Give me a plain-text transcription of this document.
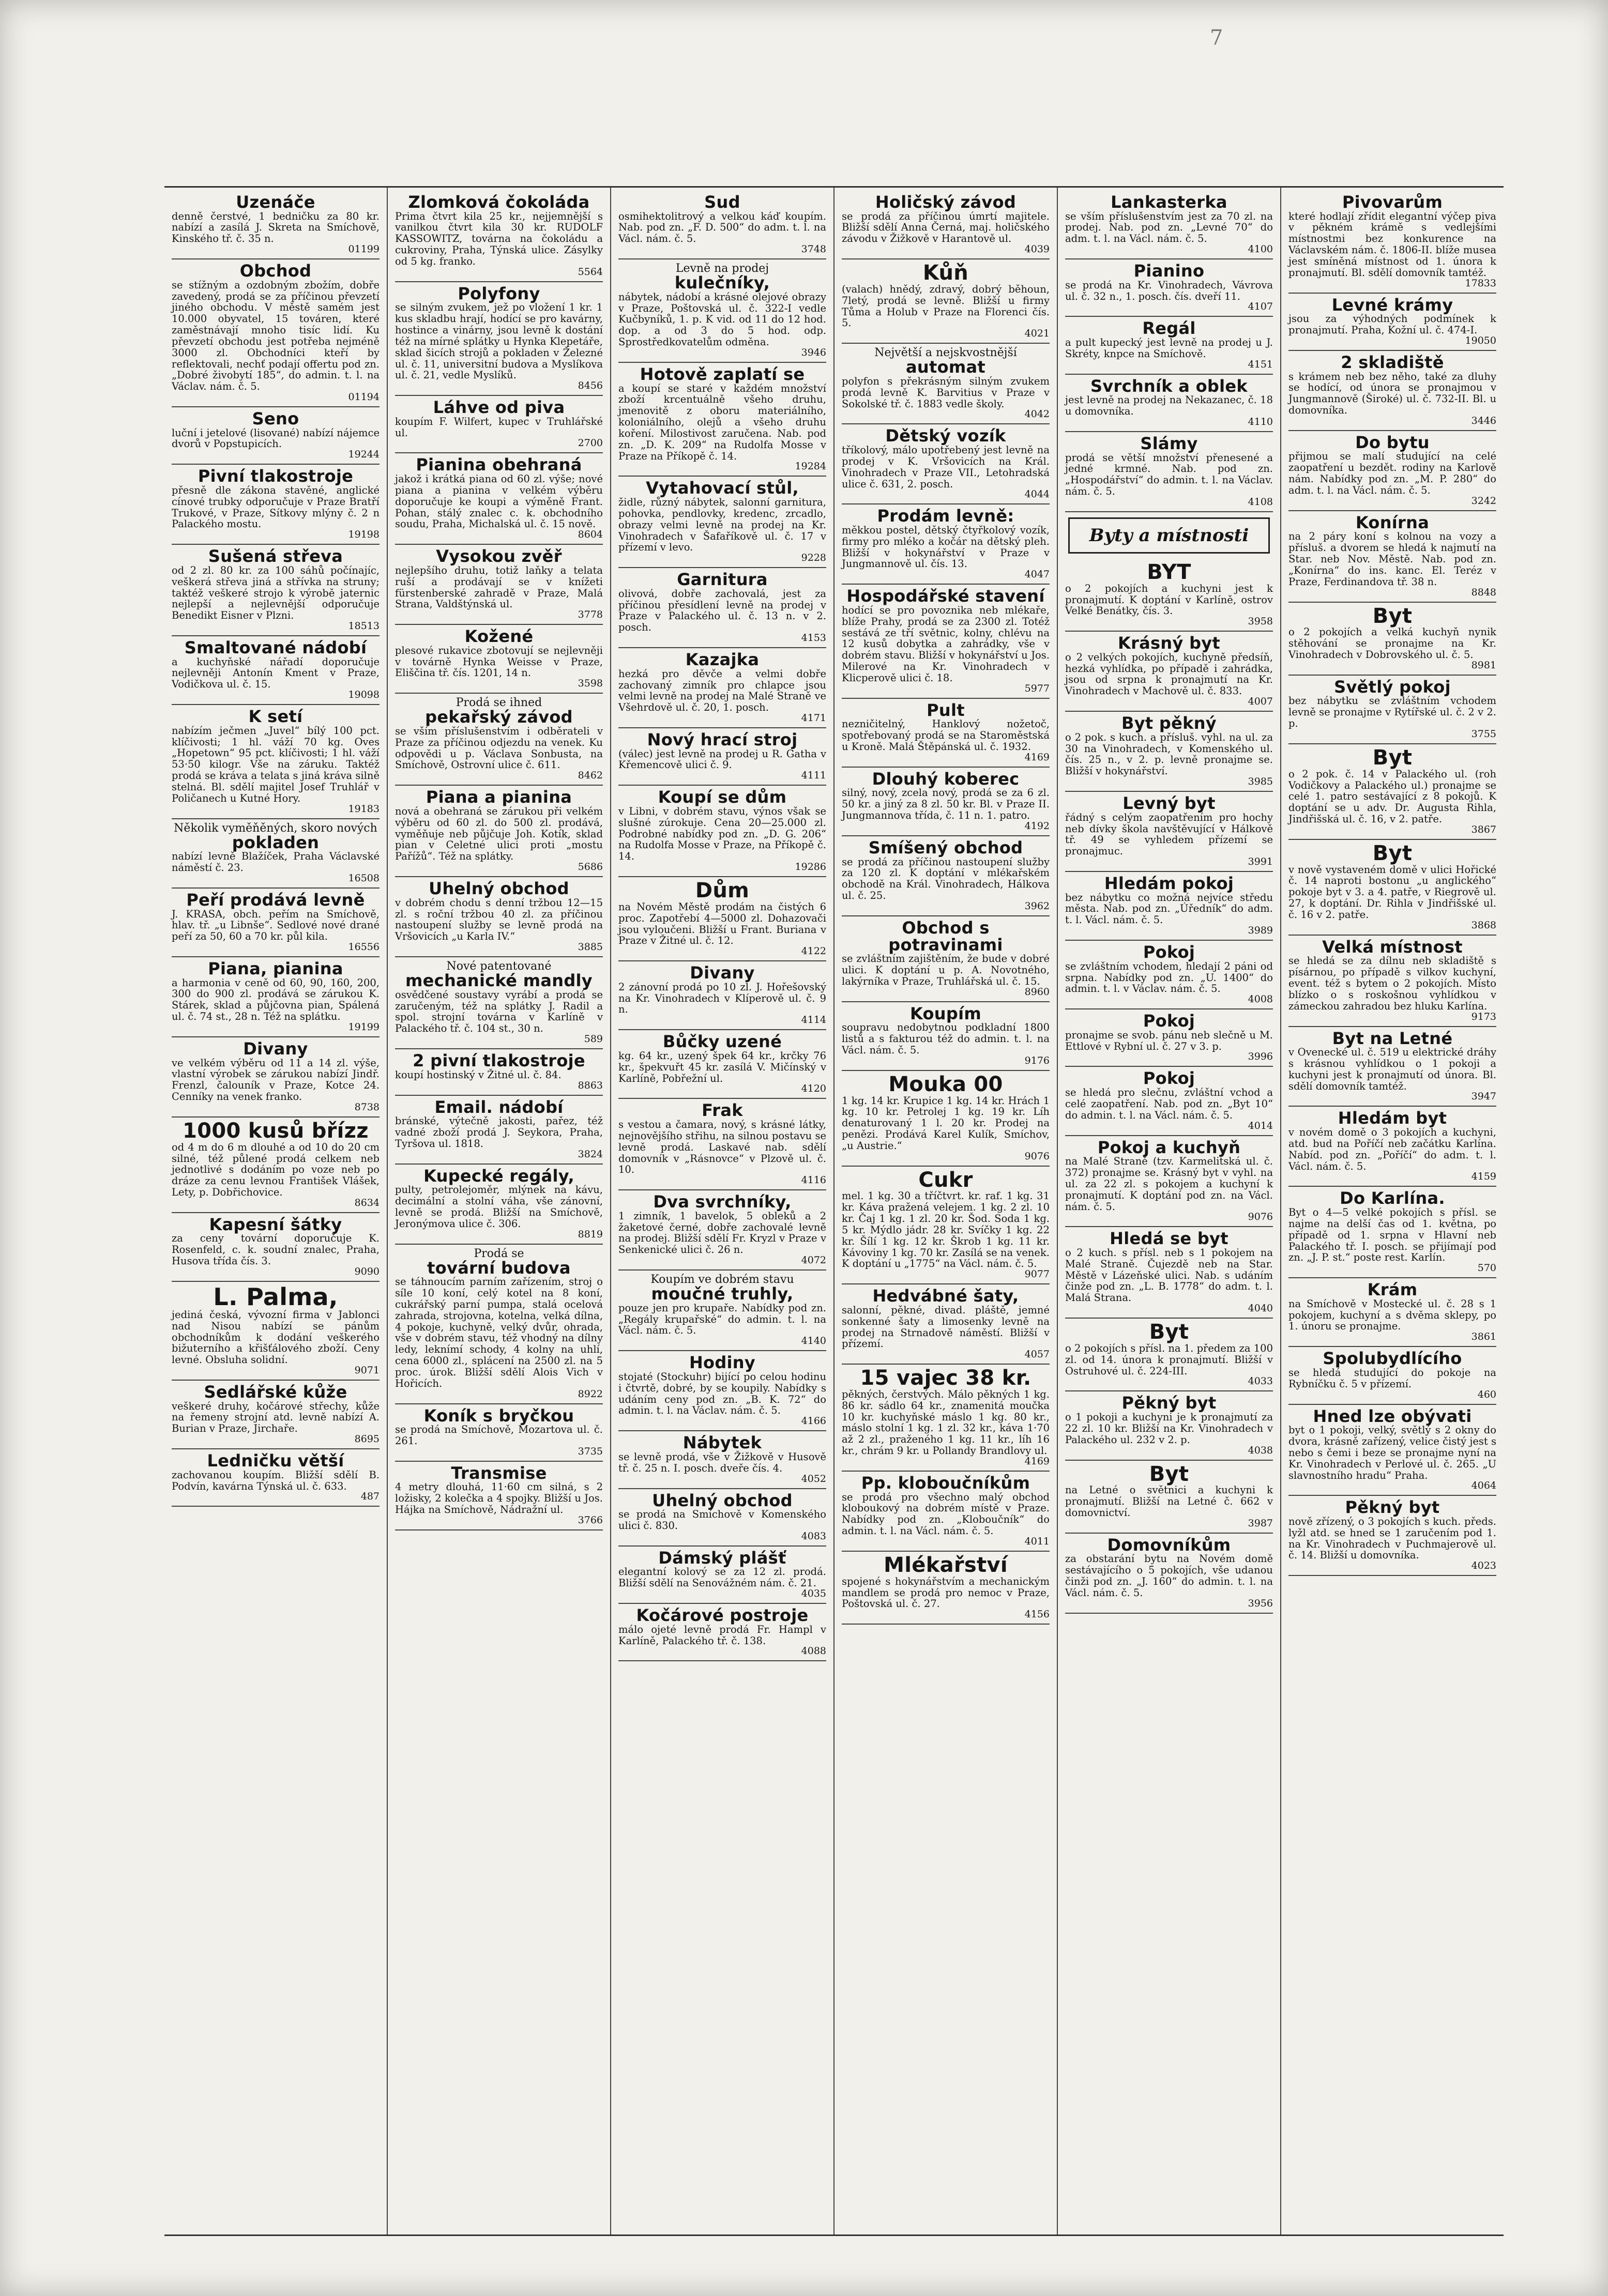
7
Uzenáče

denně čerstvé, 1 bedničku za 80 kr. nabízí a zasílá J. Skreta na Smíchově, Kinského tř. č. 35 n.

01199
Obchod

se stížným a ozdobným zbožím, dobře zavedený, prodá se za příčinou převzetí jiného obchodu. V městě samém jest 10.000 obyvatel, 15 továren, které zaměstnávají mnoho tisíc lidí. Ku převzetí obchodu jest potřeba nejméně 3000 zl. Obchodníci kteří by reflektovali, nechť podají offertu pod zn. „Dobré živobytí 185“, do admin. t. l. na Václav. nám. č. 5.

01194
Seno

luční i jetelové (lisované) nabízí nájemce dvorů v Popstupicích.

19244
Pivní tlakostroje

přesně dle zákona stavěné, anglické cínové trubky odporučuje v Praze Bratří Trukové, v Praze, Sítkovy mlýny č. 2 n Palackého mostu.

19198
Sušená střeva

od 2 zl. 80 kr. za 100 sáhů počínajíc, veškerá střeva jiná a střívka na struny; taktéž veškeré strojo k výrobě jaternic nejlepší a nejlevnější odporučuje Benedikt Eisner v Plzni.

18513
Smaltované nádobí

a kuchyňské nářadí doporučuje nejlevněji Antonín Kment v Praze, Vodičkova ul. č. 15.

19098
K setí

nabízím ječmen „Juvel“ bílý 100 pct. klíčivosti; 1 hl. váží 70 kg. Oves „Hopetown“ 95 pct. klíčivosti; 1 hl. váží 53·50 kilogr. Vše na záruku. Taktéž prodá se kráva a telata s jiná kráva silně stelná. Bl. sdělí majitel Josef Truhlář v Poličanech u Kutné Hory.

19183
Několik vyměňěných, skoro nových
pokladen

nabízí levně Blažíček, Praha Václavské náměstí č. 23.

16508
Peří prodává levně

J. KRASA, obch. peřím na Smíchově, hlav. tř. „u Libnše“. Sedlové nové drané peří za 50, 60 a 70 kr. půl kila.

16556
Piana, pianina

a harmonia v ceně od 60, 90, 160, 200, 300 do 900 zl. prodává se zárukou K. Stárek, sklad a půjčovna pian, Spálená ul. č. 74 st., 28 n. Též na splátku.

19199
Divany

ve velkém výběru od 11 a 14 zl. výše, vlastní výrobek se zárukou nabízí Jindř. Frenzl, čalouník v Praze, Kotce 24. Cenníky na venek franko.

8738
1000 kusů břízz

od 4 m do 6 m dlouhé a od 10 do 20 cm silné, též půlené prodá celkem neb jednotlivé s dodáním po voze neb po dráze za cenu levnou František Vlášek, Lety, p. Dobřichovice.

8634
Kapesní šátky

za ceny tovární doporučuje K. Rosenfeld, c. k. soudní znalec, Praha, Husova třída čís. 3.

9090
L. Palma,

jediná česká, vývozní firma v Jablonci nad Nisou nabízí se pánům obchodníkům k dodání veškerého bižuterního a křišťálového zboží. Ceny levné. Obsluha solidní.

9071
Sedlářské kůže

veškeré druhy, kočárové střechy, kůže na řemeny strojní atd. levně nabízí A. Burian v Praze, Jirchaře.

8695
Ledničku větší

zachovanou koupím. Bližší sdělí B. Podvín, kavárna Týnská ul. č. 633.

487
Zlomková čokoláda

Prima čtvrt kila 25 kr., nejjemnější s vanilkou čtvrt kila 30 kr. RUDOLF KASSOWITZ, továrna na čokoládu a cukroviny, Praha, Týnská ulice. Zásylky od 5 kg. franko.

5564
Polyfony

se silným zvukem, jež po vložení 1 kr. 1 kus skladbu hrají, hodící se pro kavárny, hostince a vinárny, jsou levně k dostání též na mírné splátky u Hynka Klepetáře, sklad šicích strojů a pokladen v Železné ul. č. 11, universitní budova a Myslíkova ul. č. 21, vedle Myslíků.

8456
Láhve od piva

koupím F. Wilfert, kupec v Truhlářské ul.

2700
Pianina obehraná

jakož i krátká piana od 60 zl. výše; nové piana a pianina v velkém výběru doporučuje ke koupi a výměně Frant. Pohan, stálý znalec c. k. obchodního soudu, Praha, Michalská ul. č. 15 nově.

8604
Vysokou zvěř

nejlepšího druhu, totiž laňky a telata ruší a prodávají se v knížeti fürstenberské zahradě v Praze, Malá Strana, Valdštýnská ul.

3778
Kožené

plesové rukavice zbotovují se nejlevněji v továrně Hynka Weisse v Praze, Eliščina tř. čís. 1201, 14 n.

3598
Prodá se ihned
pekařský závod

se vším příslušenstvím i odběrateli v Praze za příčinou odjezdu na venek. Ku odpovědi u p. Václava Sonbusta, na Smíchově, Ostrovní ulice č. 611.

8462
Piana a pianina

nová a obehraná se zárukou při velkém výběru od 60 zl. do 500 zl. prodává, vyměňuje neb půjčuje Joh. Kotík, sklad pian v Celetné ulici proti „mostu Pařížů“. Též na splátky.

5686
Uhelný obchod

v dobrém chodu s denní tržbou 12—15 zl. s roční tržbou 40 zl. za příčinou nastoupení služby se levně prodá na Vršovicích „u Karla IV.“

3885
Nové patentované
mechanické mandly

osvědčené soustavy vyrábí a prodá se zaručeným, též na splátky J. Radil a spol. strojní továrna v Karlíně v Palackého tř. č. 104 st., 30 n.

589
2 pivní tlakostroje

koupí hostinský v Žitné ul. č. 84.

8863
Email. nádobí

bránské, výtečně jakosti, pařez, též vadné zboží prodá J. Seykora, Praha, Tyršova ul. 1818.

3824
Kupecké regály,

pulty, petrolejoměr, mlýnek na kávu, decimální a stolní váha, vše zánovní, levně se prodá. Bližší na Smíchově, Jeronýmova ulice č. 306.

8819
Prodá se
tovární budova

se táhnoucím parním zařízením, stroj o síle 10 koní, celý kotel na 8 koní, cukrářský parní pumpa, stalá ocelová zahrada, strojovna, kotelna, velká dílna, 4 pokoje, kuchyně, velký dvůr, ohrada, vše v dobrém stavu, též vhodný na dílny ledy, leknímí schody, 4 kolny na uhlí, cena 6000 zl., splácení na 2500 zl. na 5 proc. úrok. Bližší sdělí Alois Vich v Hořicích.

8922
Koník s bryčkou

se prodá na Smíchově, Mozartova ul. č. 261.

3735
Transmise

4 metry dlouhá, 11·60 cm silná, s 2 ložisky, 2 kolečka a 4 spojky. Bližší u Jos. Hájka na Smíchově, Nádražní ul.

3766
Sud

osmihektolitrový a velkou káď koupím. Nab. pod zn. „F. D. 500“ do adm. t. l. na Václ. nám. č. 5.

3748
Levně na prodej
kulečníky,

nábytek, nádobí a krásné olejové obrazy v Praze, Poštovská ul. č. 322-I vedle Kučbyníků, 1. p. K vid. od 11 do 12 hod. dop. a od 3 do 5 hod. odp. Sprostředkovatelům odměna.

3946
Hotově zaplatí se

a koupí se staré v každém množství zboží krcentuálně všeho druhu, jmenovitě z oboru materiálního, koloniálního, olejů a všeho druhu koření. Milostivost zaručena. Nab. pod zn. „D. K. 209“ na Rudolfa Mosse v Praze na Příkopě č. 14.

19284
Vytahovací stůl,

židle, různý nábytek, salonní garnitura, pohovka, pendlovky, kredenc, zrcadlo, obrazy velmi levně na prodej na Kr. Vinohradech v Šafaříkově ul. č. 17 v přízemí v levo.

9228
Garnitura

olivová, dobře zachovalá, jest za příčinou přesídlení levně na prodej v Praze v Palackého ul. č. 13 n. v 2. posch.

4153
Kazajka

hezká pro děvče a velmi dobře zachovaný zimník pro chlapce jsou velmi levně na prodej na Malé Straně ve Všehrdově ul. č. 20, 1. posch.

4171
Nový hrací stroj

(válec) jest levně na prodej u R. Gatha v Křemencově ulici č. 9.

4111
Koupí se dům

v Libni, v dobrém stavu, výnos však se slušné zúrokuje. Cena 20—25.000 zl. Podrobné nabídky pod zn. „D. G. 206“ na Rudolfa Mosse v Praze, na Příkopě č. 14.

19286
Dům

na Novém Městě prodám na čistých 6 proc. Zapotřebí 4—5000 zl. Dohazovači jsou vyloučeni. Bližší u Frant. Buriana v Praze v Žitné ul. č. 12.

4122
Divany

2 zánovní prodá po 10 zl. J. Hořešovský na Kr. Vinohradech v Klíperově ul. č. 9 n.

4114
Bůčky uzené

kg. 64 kr., uzený špek 64 kr., krčky 76 kr., špekvuřt 45 kr. zasílá V. Mičínský v Karlíně, Pobřežní ul.

4120
Frak

s vestou a čamara, nový, s krásné látky, nejnovějšího střihu, na silnou postavu se levně prodá. Laskavé nab. sdělí domovník v „Rásnovce“ v Plzově ul. č. 10.

4116
Dva svrchníky,

1 zimník, 1 bavelok, 5 obleků a 2 žaketové černé, dobře zachovalé levně na prodej. Bližší sdělí Fr. Kryzl v Praze v Senkenické ulici č. 26 n.

4072
Koupím ve dobrém stavu
moučné truhly,

pouze jen pro krupaře. Nabídky pod zn. „Regály krupařské“ do admin. t. l. na Václ. nám. č. 5.

4140
Hodiny

stojaté (Stockuhr) bijící po celou hodinu i čtvrtě, dobré, by se koupily. Nabídky s udáním ceny pod zn. „B. K. 72“ do admin. t. l. na Václav. nám. č. 5.

4166
Nábytek

se levně prodá, vše v Žižkově v Husově tř. č. 25 n. I. posch. dveře čís. 4.

4052
Uhelný obchod

se prodá na Smíchově v Komenského ulici č. 830.

4083
Dámský plášť

elegantní kolový se za 12 zl. prodá. Bližší sdělí na Senovážném nám. č. 21.

4035
Kočárové postroje

málo ojeté levně prodá Fr. Hampl v Karlíně, Palackého tř. č. 138.

4088
Holičský závod

se prodá za příčinou úmrtí majitele. Bližší sdělí Anna Černá, maj. holičského závodu v Žižkově v Harantově ul.

4039
Kůň

(valach) hnědý, zdravý, dobrý běhoun, 7letý, prodá se levně. Bližší u firmy Tůma a Holub v Praze na Florenci čís. 5.

4021
Největší a nejskvostnější
automat

polyfon s překrásným silným zvukem prodá levně K. Barvitius v Praze v Sokolské tř. č. 1883 vedle školy.

4042
Dětský vozík

tříkolový, málo upotřebený jest levně na prodej v K. Vršovicích na Král. Vinohradech v Praze VII., Letohradská ulice č. 631, 2. posch.

4044
Prodám levně:

měkkou postel, dětský čtyřkolový vozík, firmy pro mléko a kočár na dětský pleh. Bližší v hokynářství v Praze v Jungmannově ul. čís. 13.

4047
Hospodářské stavení

hodící se pro povoznika neb mlékaře, blíže Prahy, prodá se za 2300 zl. Totéž sestává ze tří světnic, kolny, chlévu na 12 kusů dobytka a zahrádky, vše v dobrém stavu. Bližší v hokynářství u Jos. Milerové na Kr. Vinohradech v Klicperově ulici č. 18.

5977
Pult

nezničitelný, Hanklový nožetoč, spotřebovaný prodá se na Staroměstská u Kroně. Malá Štěpánská ul. č. 1932.

4169
Dlouhý koberec

silný, nový, zcela nový, prodá se za 6 zl. 50 kr. a jiný za 8 zl. 50 kr. Bl. v Praze II. Jungmannova třída, č. 11 n. 1. patro.

4192
Smíšený obchod

se prodá za příčinou nastoupení služby za 120 zl. K doptání v mlékařském obchodě na Král. Vinohradech, Hálkova ul. č. 25.

3962
Obchod s potravinami

se zvláštním zajištěním, že bude v dobré ulici. K doptání u p. A. Novotného, lakýrníka v Praze, Truhlářská ul. č. 15.

8960
Koupím

soupravu nedobytnou podkladní 1800 listů a s fakturou též do admin. t. l. na Václ. nám. č. 5.

9176
Mouka 00

1 kg. 14 kr. Krupice 1 kg. 14 kr. Hrách 1 kg. 10 kr. Petrolej 1 kg. 19 kr. Líh denaturovaný 1 l. 20 kr. Prodej na penězi. Prodává Karel Kulík, Smíchov, „u Austrie.“

9076
Cukr

mel. 1 kg. 30 a tříčtvrt. kr. raf. 1 kg. 31 kr. Káva pražená velejem. 1 kg. 2 zl. 10 kr. Čaj 1 kg. 1 zl. 20 kr. Šod. Soda 1 kg. 5 kr. Mýdlo jádr. 28 kr. Svíčky 1 kg. 22 kr. Šílí 1 kg. 12 kr. Škrob 1 kg. 11 kr. Kávoviny 1 kg. 70 kr. Zasílá se na venek. K doptání u „1775“ na Václ. nám. č. 5.

9077
Hedvábné šaty,

salonní, pěkné, divad. pláště, jemné sonkenné šaty a limosenky levně na prodej na Strnadově náměstí. Bližší v přízemí.

4057
15 vajec 38 kr.

pěkných, čerstvých. Málo pěkných 1 kg. 86 kr. sádlo 64 kr., znamenitá moučka 10 kr. kuchyňské máslo 1 kg. 80 kr., máslo stolní 1 kg. 1 zl. 32 kr., káva 1·70 až 2 zl., praženého 1 kg. 11 kr., líh 16 kr., chrám 9 kr. u Pollandy Brandlovy ul.

4169
Pp. kloboučníkům

se prodá pro všechno malý obchod kloboukový na dobrém místě v Praze. Nabídky pod zn. „Kloboučník“ do admin. t. l. na Václ. nám. č. 5.

4011
Mlékařství

spojené s hokynářstvím a mechanickým mandlem se prodá pro nemoc v Praze, Poštovská ul. č. 27.

4156
Lankasterka

se vším příslušenstvím jest za 70 zl. na prodej. Nab. pod zn. „Levné 70“ do adm. t. l. na Václ. nám. č. 5.

4100
Pianino

se prodá na Kr. Vinohradech, Vávrova ul. č. 32 n., 1. posch. čís. dveří 11.

4107
Regál

a pult kupecký jest levně na prodej u J. Skréty, knpce na Smíchově.

4151
Svrchník a oblek

jest levně na prodej na Nekazanec, č. 18 u domovníka.

4110
Slámy

prodá se větší množství přenesené a jedné krmné. Nab. pod zn. „Hospodářství“ do admin. t. l. na Václav. nám. č. 5.

4108
Byty a místnosti
BYT

o 2 pokojích a kuchyni jest k pronajmutí. K doptání v Karlíně, ostrov Velké Benátky, čís. 3.

3958
Krásný byt

o 2 velkých pokojích, kuchyně předsíň, hezká vyhlídka, po případě i zahrádka, jsou od srpna k pronajmutí na Kr. Vinohradech v Machově ul. č. 833.

4007
Byt pěkný

o 2 pok. s kuch. a přísluš. vyhl. na ul. za 30 na Vinohradech, v Komenského ul. čís. 25 n., v 2. p. levně pronajme se. Bližší v hokynářství.

3985
Levný byt

řádný s celým zaopatřením pro hochy neb dívky škola navštěvující v Hálkově tř. 49 se vyhledem přízemí se pronajmuc.

3991
Hledám pokoj

bez nábytku co možná nejvíce středu města. Nab. pod zn. „Úředník“ do adm. t. l. Václ. nám. č. 5.

3989
Pokoj

se zvláštním vchodem, hledají 2 páni od srpna. Nabídky pod zn. „U. 1400“ do admin. t. l. v Václav. nám. č. 5.

4008
Pokoj

pronajme se svob. pánu neb slečně u M. Ettlové v Rybní ul. č. 27 v 3. p.

3996
Pokoj

se hledá pro slečnu, zvláštní vchod a celé zaopatření. Nab. pod zn. „Byt 10“ do admin. t. l. na Václ. nám. č. 5.

4014
Pokoj a kuchyň

na Malé Straně (tzv. Karmelitská ul. č. 372) pronajme se. Krásný byt v vyhl. na ul. za 22 zl. s pokojem a kuchyní k pronajmutí. K doptání pod zn. na Václ. nám. č. 5.

9076
Hledá se byt

o 2 kuch. s přísl. neb s 1 pokojem na Malé Straně. Čujezdě neb na Star. Městě v Lázeňské ulici. Nab. s udáním činže pod zn. „L. B. 1778“ do adm. t. l. Malá Strana.

4040
Byt

o 2 pokojích s přísl. na 1. předem za 100 zl. od 14. února k pronajmutí. Bližší v Ostruhové ul. č. 224-III.

4033
Pěkný byt

o 1 pokoji a kuchyni je k pronajmutí za 22 zl. 10 kr. Bližší na Kr. Vinohradech v Palackého ul. 232 v 2. p.

4038
Byt

na Letné o světnici a kuchyni k pronajmutí. Bližší na Letné č. 662 v domovnictví.

3987
Domovníkům

za obstarání bytu na Novém domě sestávajícího o 5 pokojích, vše udanou činži pod zn. „J. 160“ do admin. t. l. na Václ. nám. č. 5.

3956
Pivovarům

které hodlají zřídit elegantní výčep piva v pěkném krámě s vedlejšími místnostmi bez konkurence na Václavském nám. č. 1806-II. blíže musea jest smíněná místnost od 1. února k pronajmutí. Bl. sdělí domovník tamtéž.

17833
Levné krámy

jsou za výhodných podmínek k pronajmutí. Praha, Kožní ul. č. 474-I.

19050
2 skladiště

s krámem neb bez něho, také za dluhy se hodící, od února se pronajmou v Jungmannově (Široké) ul. č. 732-II. Bl. u domovníka.

3446
Do bytu

přijmou se malí studující na celé zaopatření u bezdět. rodiny na Karlově nám. Nabídky pod zn. „M. P. 280“ do adm. t. l. na Václ. nám. č. 5.

3242
Konírna

na 2 páry koní s kolnou na vozy a přísluš. a dvorem se hledá k najmutí na Star. neb Nov. Městě. Nab. pod zn. „Konírna“ do ins. kanc. El. Teréz v Praze, Ferdinandova tř. 38 n.

8848
Byt

o 2 pokojích a velká kuchyň nynik stěhování se pronajme na Kr. Vinohradech v Dobrovského ul. č. 5.

8981
Světlý pokoj

bez nábytku se zvláštním vchodem levně se pronajme v Rytířské ul. č. 2 v 2. p.

3755
Byt

o 2 pok. č. 14 v Palackého ul. (roh Vodičkovy a Palackého ul.) pronajme se celé 1. patro sestávající z 8 pokojů. K doptání se u adv. Dr. Augusta Rihla, Jindřišská ul. č. 16, v 2. patře.

3867
Byt

v nově vystaveném domě v ulici Hořické č. 14 naproti bostonu „u anglického“ pokoje byt v 3. a 4. patře, v Riegrově ul. 27, k doptání. Dr. Rihla v Jindřišské ul. č. 16 v 2. patře.

3868
Velká místnost

se hledá se za dílnu neb skladiště s písárnou, po případě s vilkov kuchyní, event. též s bytem o 2 pokojích. Místo blízko o s roskošnou vyhlídkou v zámeckou zahradou bez hluku Karlína.

9173
Byt na Letné

v Ovenecké ul. č. 519 u elektrické dráhy s krásnou vyhlídkou o 1 pokoji a kuchyni jest k pronajmutí od února. Bl. sdělí domovník tamtéž.

3947
Hledám byt

v novém domě o 3 pokojích a kuchyni, atd. bud na Poříčí neb začátku Karlína. Nabíd. pod zn. „Poříčí“ do adm. t. l. Václ. nám. č. 5.

4159
Do Karlína.

Byt o 4—5 velké pokojích s přísl. se najme na delší čas od 1. května, po případě od 1. srpna v Hlavní neb Palackého tř. I. posch. se přijímají pod zn. „J. P. st.“ poste rest. Karlín.

570
Krám

na Smíchově v Mostecké ul. č. 28 s 1 pokojem, kuchyní a s dvěma sklepy, po 1. únoru se pronajme.

3861
Spolubydlícího

se hledá studující do pokoje na Rybníčku č. 5 v přízemí.

460
Hned lze obývati

byt o 1 pokoji, velký, světlý s 2 okny do dvora, krásně zařízený, velice čistý jest s nebo s čemi i beze se pronajme nyní na Kr. Vinohradech v Perlové ul. č. 265. „U slavnostního hradu“ Praha.

4064
Pěkný byt

nově zřízený, o 3 pokojích s kuch. předs. lyžl atd. se hned se 1 zaručením pod 1. na Kr. Vinohradech v Puchmajerově ul. č. 14. Bližší u domovníka.

4023
